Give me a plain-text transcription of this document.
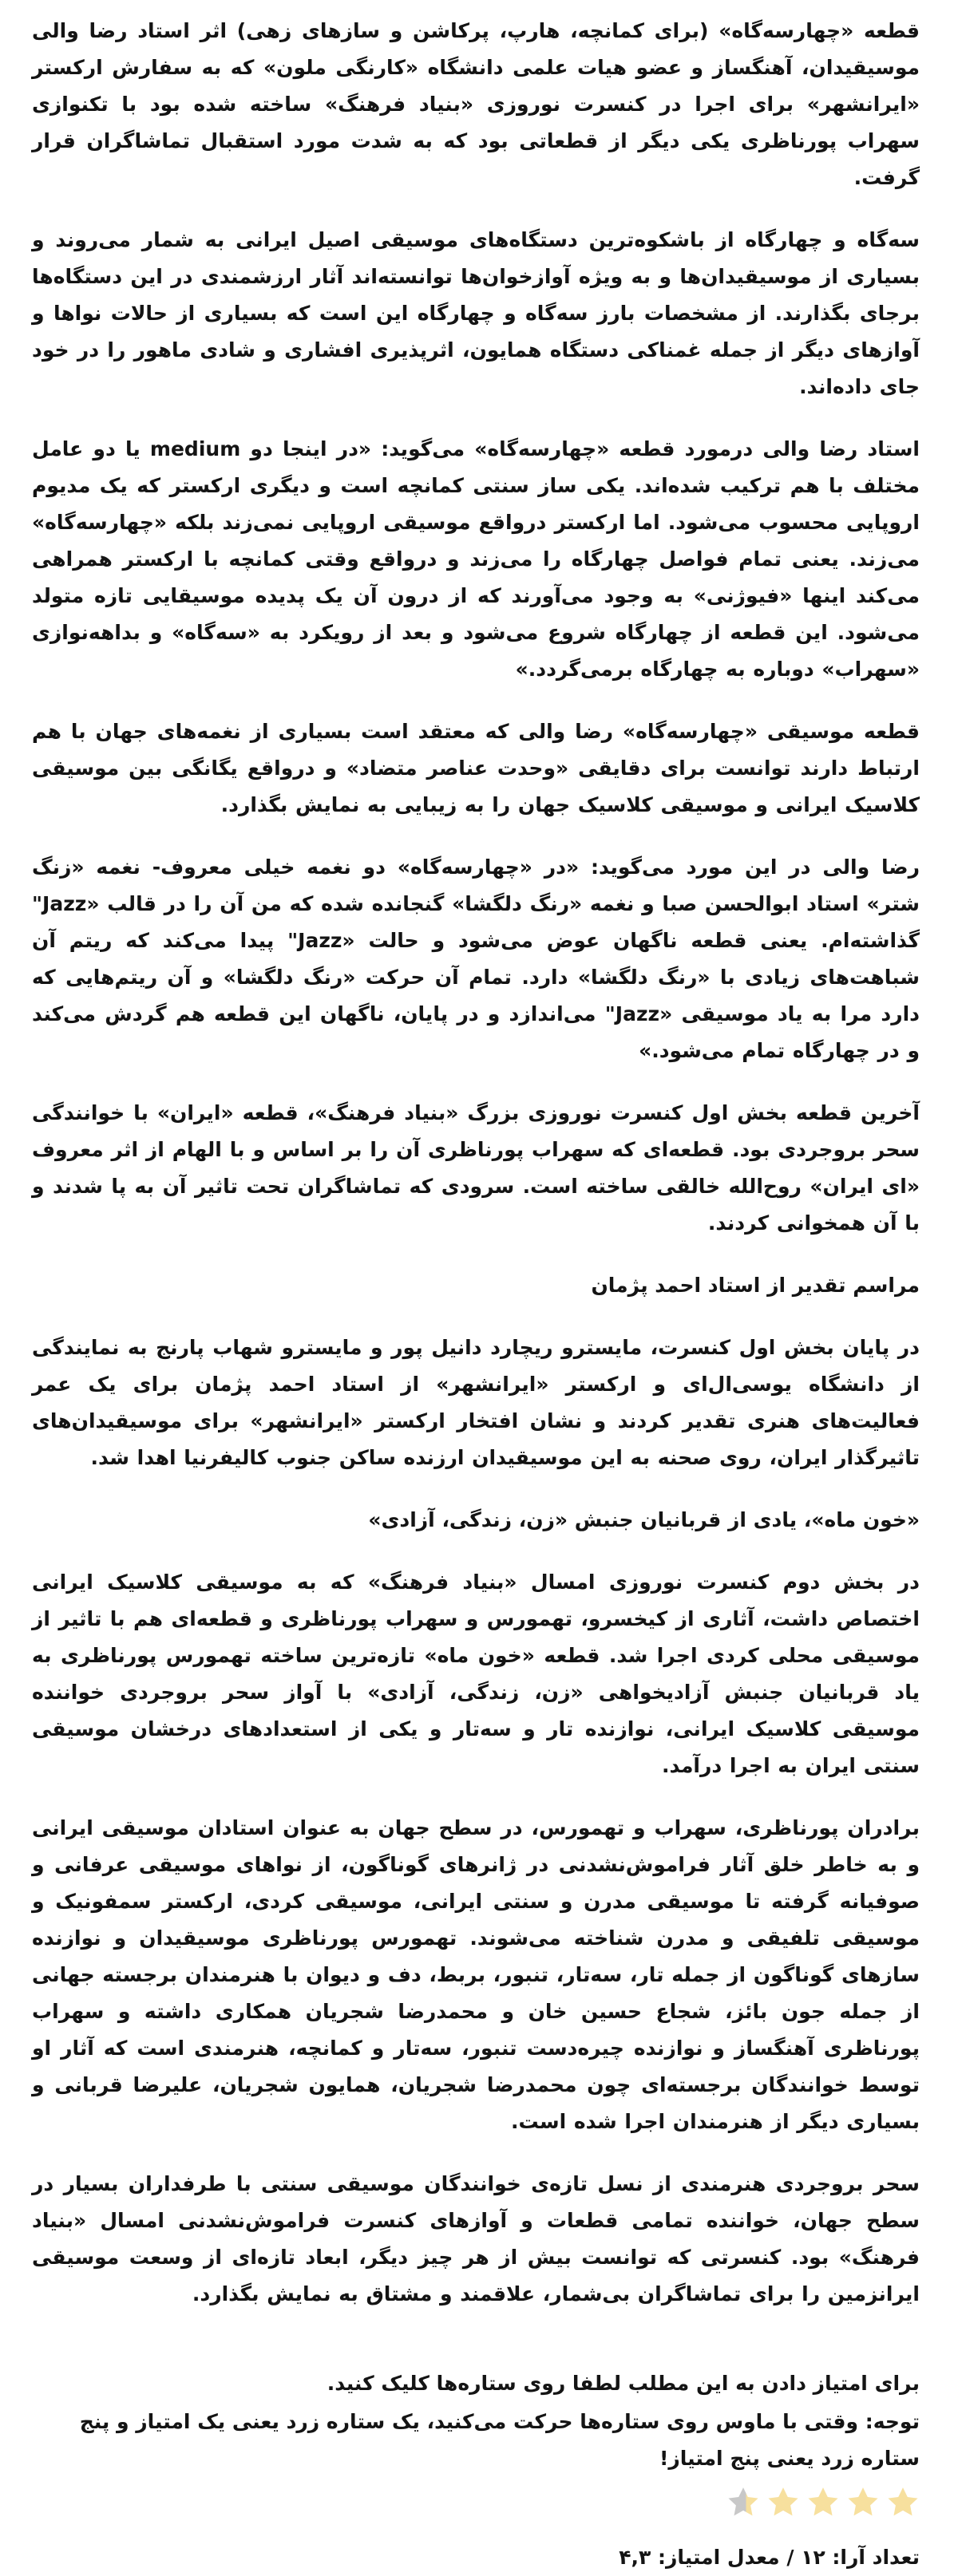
قطعه «چهارسه‌گاه» (برای کمانچه، هارپ، پرکاشن و سازهای زهی) اثر استاد رضا والی موسیقیدان، آهنگساز و عضو هیات علمی دانشگاه «کارنگی ملون» که به سفارش ارکستر «ایرانشهر» برای اجرا در کنسرت نوروزی «بنیاد فرهنگ» ساخته شده بود با تکنوازی سهراب پورناظری یکی دیگر از قطعاتی بود که به شدت مورد استقبال تماشاگران قرار گرفت.

سه‌گاه و چهارگاه از باشکوه‌ترین دستگاه‌های موسیقی اصیل ایرانی به شمار می‌روند و بسیاری از موسیقیدان‌ها و به ویژه آوازخوان‌ها توانسته‌اند آثار ارزشمندی در این دستگاه‌ها برجای بگذارند. از مشخصات بارز سه‌گاه و چهارگاه این است که بسیاری از حالات نواها و آوازهای دیگر از جمله غمناکی دستگاه همایون، اثرپذیری افشاری و شادی ماهور را در خود جای داده‌اند.

استاد رضا والی درمورد قطعه «چهارسه‌گاه» می‌گوید: «در اینجا دو medium یا دو عامل مختلف با هم ترکیب شده‌اند. یکی ساز سنتی کمانچه است و دیگری ارکستر که یک مدیوم اروپایی محسوب می‌شود. اما ارکستر درواقع موسیقی اروپایی نمی‌زند بلکه «چهارسه‌گاه» می‌زند. یعنی تمام فواصل چهارگاه را می‌زند و درواقع وقتی کمانچه با ارکستر همراهی می‌کند اینها «فیوژنی» به وجود می‌آورند که از درون آن یک پدیده موسیقایی تازه متولد می‌شود. این قطعه از چهارگاه شروع می‌شود و بعد از رویکرد به «سه‌گاه» و بداهه‌نوازی «سهراب» دوباره به چهارگاه برمی‌گردد.»

قطعه موسیقی «چهارسه‌گاه» رضا والی که معتقد است بسیاری از نغمه‌های جهان با هم ارتباط دارند توانست برای دقایقی «وحدت عناصر متضاد» و درواقع یگانگی بین موسیقی کلاسیک ایرانی و موسیقی کلاسیک جهان را به زیبایی به نمایش بگذارد.

رضا والی در این مورد می‌گوید: «در «چهارسه‌گاه» دو نغمه خیلی معروف- نغمه «زنگ شتر» استاد ابوالحسن صبا و نغمه «رنگ دلگشا» گنجانده شده که من آن را در قالب «Jazz" گذاشته‌ام. یعنی قطعه ناگهان عوض می‌شود و حالت «Jazz" پیدا می‌کند که ریتم آن شباهت‌های زیادی با «رنگ دلگشا» دارد. تمام آن حرکت «رنگ دلگشا» و آن ریتم‌هایی که دارد مرا به یاد موسیقی «Jazz" می‌اندازد و در پایان، ناگهان این قطعه هم گردش می‌کند و در چهارگاه تمام می‌شود.»

آخرین قطعه بخش اول کنسرت نوروزی بزرگ «بنیاد فرهنگ»، قطعه «ایران» با خوانندگی سحر بروجردی بود. قطعه‌ای که سهراب پورناظری آن را بر اساس و با الهام از اثر معروف «ای ایران» روح‌الله خالقی ساخته است. سرودی که تماشاگران تحت تاثیر آن به پا شدند و با آن همخوانی کردند.

مراسم تقدیر از استاد احمد پژمان

در پایان بخش اول کنسرت، مایسترو ریچارد دانیل پور و مایسترو شهاب پارنج به نمایندگی از دانشگاه یوسی‌ال‌ای و ارکستر «ایرانشهر» از استاد احمد پژمان برای یک عمر فعالیت‌های هنری تقدیر کردند و نشان افتخار ارکستر «ایرانشهر» برای موسیقیدان‌های تاثیرگذار ایران، روی صحنه به این موسیقیدان ارزنده ساکن جنوب کالیفرنیا اهدا شد.

«خون ماه»، یادی از قربانیان جنبش «زن، زندگی، آزادی»

در بخش دوم کنسرت نوروزی امسال «بنیاد فرهنگ» که به موسیقی کلاسیک ایرانی اختصاص داشت، آثاری از کیخسرو، تهمورس و سهراب پورناظری و قطعه‌ای هم با تاثیر از موسیقی محلی کردی اجرا شد. قطعه «خون ماه» تازه‌ترین ساخته تهمورس پورناظری به یاد قربانیان جنبش آزادیخواهی «زن، زندگی، آزادی» با آواز سحر بروجردی خواننده موسیقی کلاسیک ایرانی، نوازنده تار و سه‌تار و یکی از استعدادهای درخشان موسیقی سنتی ایران به اجرا درآمد.

برادران پورناظری، سهراب و تهمورس، در سطح جهان به عنوان استادان موسیقی ایرانی و به خاطر خلق آثار فراموش‌نشدنی در ژانرهای گوناگون، از نواهای موسیقی عرفانی و صوفیانه گرفته تا موسیقی مدرن و سنتی ایرانی، موسیقی کردی، ارکستر سمفونیک و موسیقی تلفیقی و مدرن شناخته می‌شوند. تهمورس پورناظری موسیقیدان و نوازنده سازهای گوناگون از جمله تار، سه‌تار، تنبور، بربط، دف و دیوان با هنرمندان برجسته جهانی از جمله جون بائز، شجاع حسین خان و محمدرضا شجریان همکاری داشته و سهراب پورناظری آهنگساز و نوازنده چیره‌دست تنبور، سه‌تار و کمانچه، هنرمندی است که آثار او توسط خوانندگان برجسته‌ای چون محمدرضا شجریان، همایون شجریان، علیرضا قربانی و بسیاری دیگر از هنرمندان اجرا شده است.

سحر بروجردی هنرمندی از نسل تازه‌ی خوانندگان موسیقی سنتی با طرفداران بسیار در سطح جهان، خواننده تمامی قطعات و آوازهای کنسرت فراموش‌نشدنی امسال «بنیاد فرهنگ» بود. کنسرتی که توانست بیش از هر چیز دیگر، ابعاد تازه‌ای از وسعت موسیقی ایرانزمین را برای تماشاگران بی‌شمار، علاقمند و مشتاق به نمایش بگذارد.

برای امتیاز دادن به این مطلب لطفا روی ستاره‌ها کلیک کنید.

توجه: وقتی با ماوس روی ستاره‌ها حرکت می‌کنید، یک ستاره زرد یعنی یک امتیاز و پنج ستاره زرد یعنی پنج امتیاز!

تعداد آرا: ۱۲ / معدل امتیاز: ۴,۳
